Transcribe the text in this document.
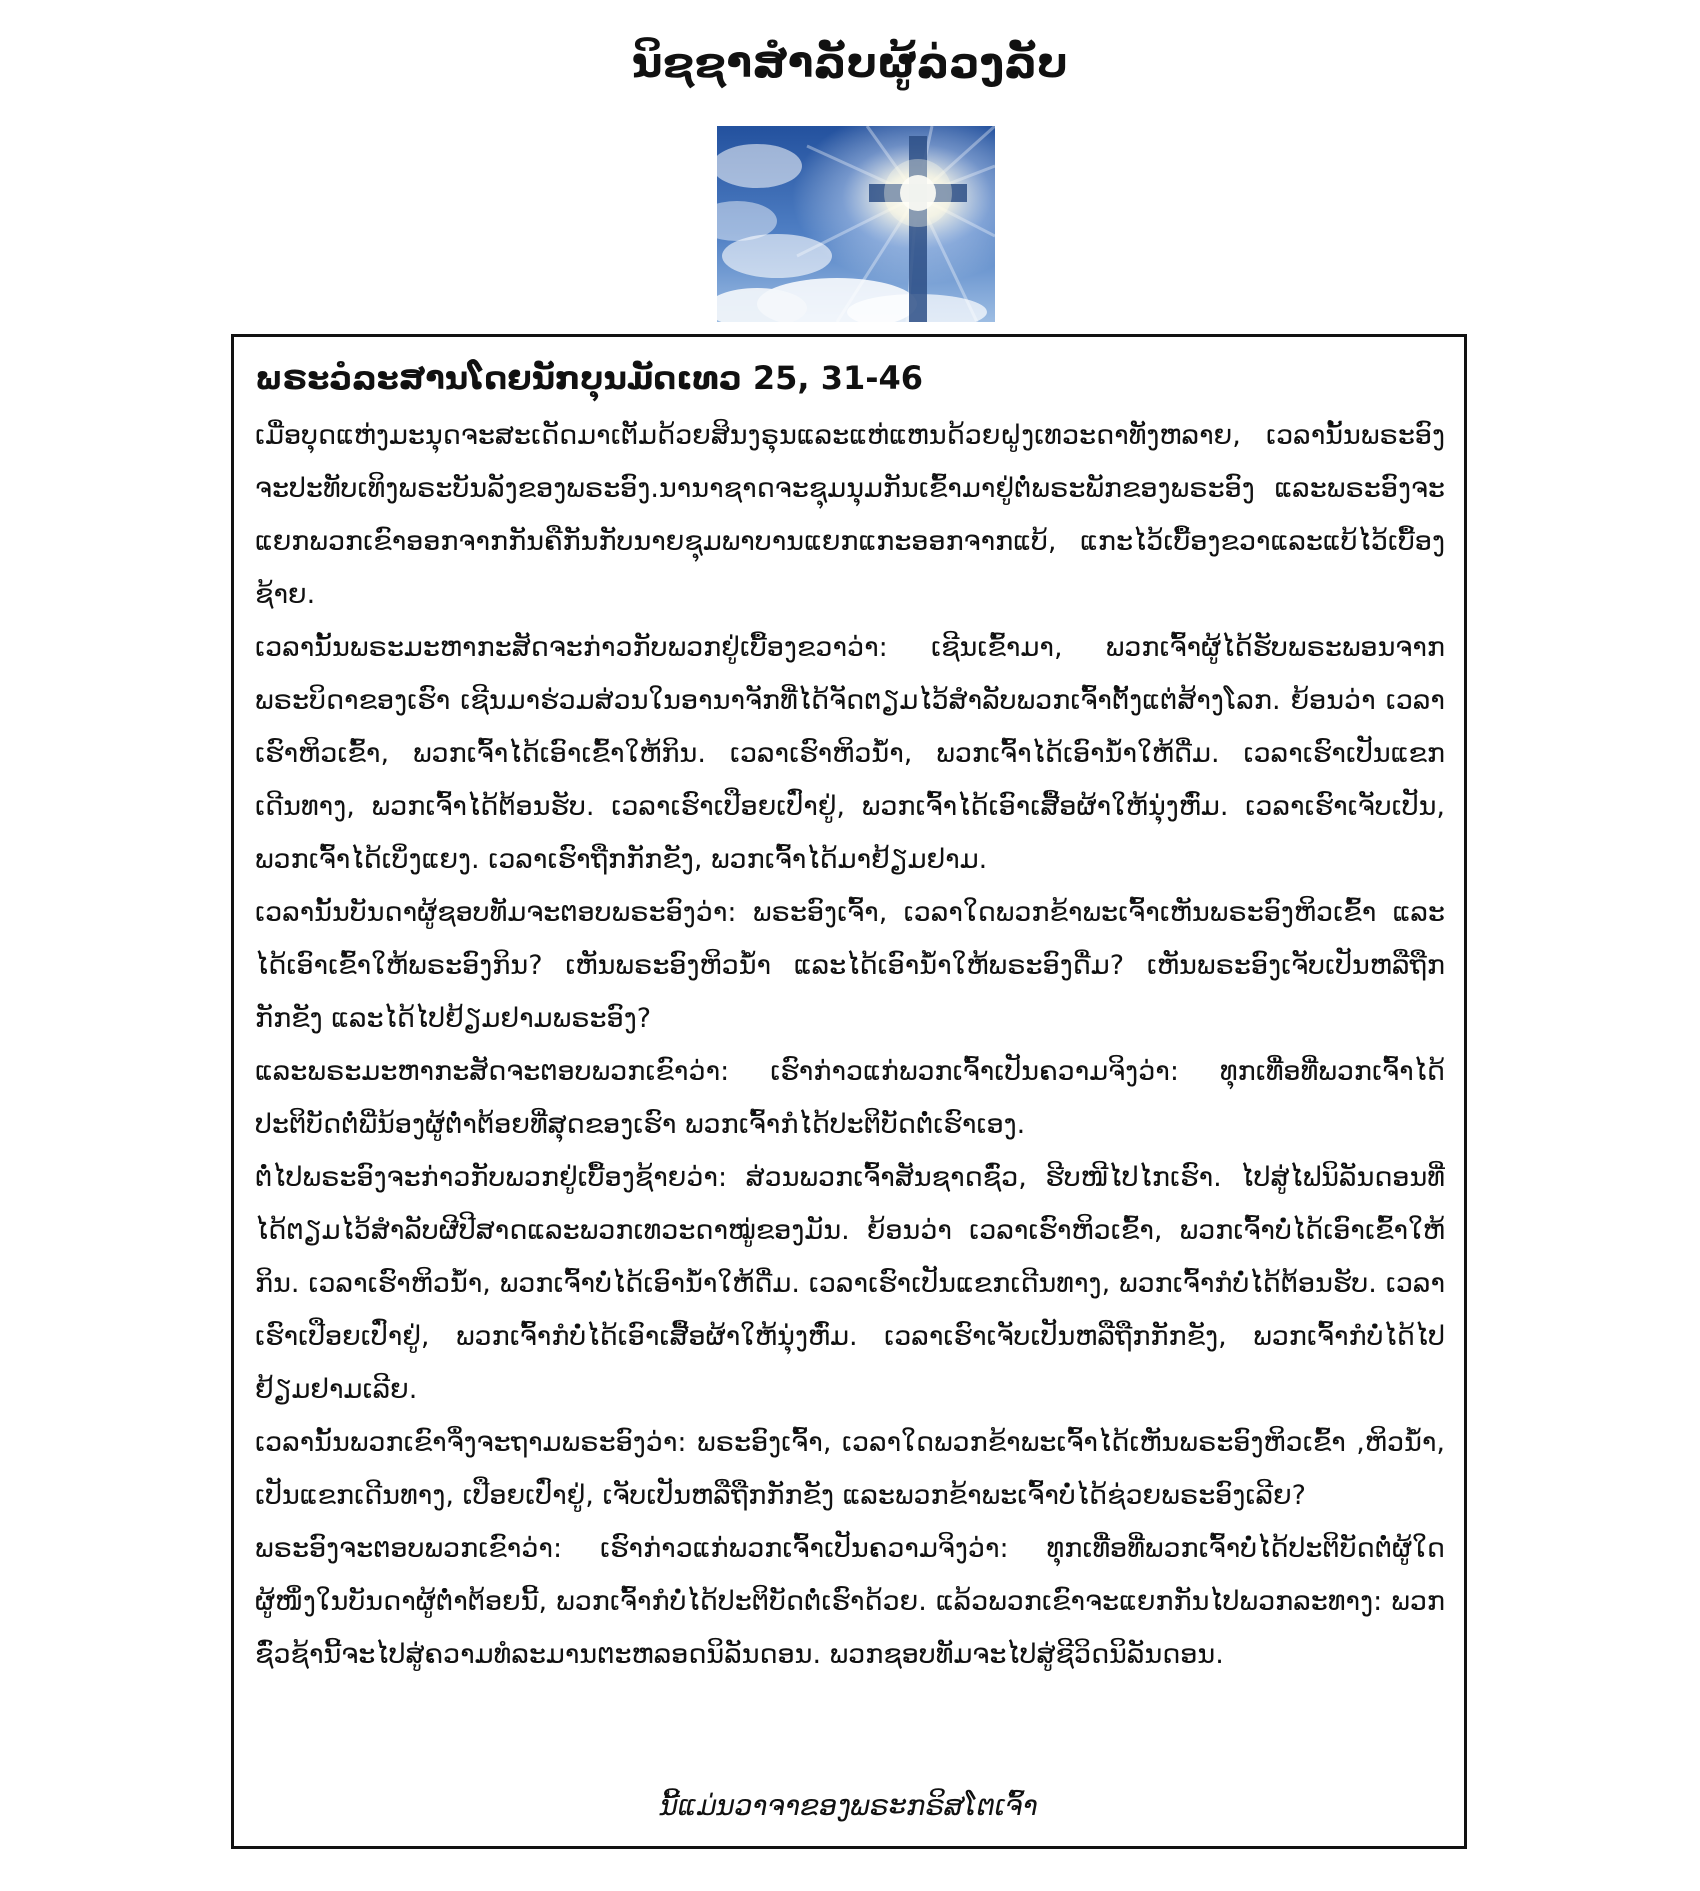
ນິຊຊາສໍາລັບຜູ້ລ່ວງລັບ
ພຣະວໍລະສານໂດຍນັກບຸນມັດເທວ 25, 31-46

ເມື່ອບຸດແຫ່ງມະນຸດຈະສະເດັດມາເຕັມດ້ວຍສິນງຣຸນແລະແຫ່ແຫນດ້ວຍຝູງເທວະດາທັງຫລາຍ, ເວລານັ້ນພຣະອົງຈະປະທັບເທິງພຣະບັນລັງຂອງພຣະອົງ.ນານາຊາດຈະຊຸມນຸມກັນເຂົ້າມາຢູ່ຕໍ່ພຣະພັກຂອງພຣະອົງ ແລະພຣະອົງຈະແຍກພວກເຂົາອອກຈາກກັນຄືກັນກັບນາຍຊຸມພາບານແຍກແກະອອກຈາກແບ້, ແກະໄວ້ເບື້ອງຂວາແລະແບ້ໄວ້ເບື້ອງຊ້າຍ.

ເວລານັ້ນພຣະມະຫາກະສັດຈະກ່າວກັບພວກຢູ່ເບື້ອງຂວາວ່າ: ເຊີນເຂົ້າມາ, ພວກເຈົ້າຜູ້ໄດ້ຮັບພຣະພອນຈາກພຣະບິດາຂອງເຮົາ ເຊີນມາຮ່ວມສ່ວນໃນອານາຈັກທີ່ໄດ້ຈັດຕຽມໄວ້ສໍາລັບພວກເຈົ້າຕັ້ງແຕ່ສ້າງໂລກ. ຍ້ອນວ່າ ເວລາເຮົາຫິວເຂົ້າ, ພວກເຈົ້າໄດ້ເອົາເຂົ້າໃຫ້ກິນ. ເວລາເຮົາຫິວນໍ້າ, ພວກເຈົ້າໄດ້ເອົານໍ້າໃຫ້ດື່ມ. ເວລາເຮົາເປັນແຂກເດີນທາງ, ພວກເຈົ້າໄດ້ຕ້ອນຮັບ. ເວລາເຮົາເປືອຍເປົ່າຢູ່, ພວກເຈົ້າໄດ້ເອົາເສື້ອຜ້າໃຫ້ນຸ່ງຫົ່ມ. ເວລາເຮົາເຈັບເປັນ, ພວກເຈົ້າໄດ້ເບິ່ງແຍງ. ເວລາເຮົາຖືກກັກຂັງ, ພວກເຈົ້າໄດ້ມາຢ້ຽມຢາມ.

ເວລານັ້ນບັນດາຜູ້ຊອບທັມຈະຕອບພຣະອົງວ່າ: ພຣະອົງເຈົ້າ, ເວລາໃດພວກຂ້າພະເຈົ້າເຫັນພຣະອົງຫິວເຂົ້າ ແລະໄດ້ເອົາເຂົ້າໃຫ້ພຣະອົງກິນ? ເຫັນພຣະອົງຫິວນໍ້າ ແລະໄດ້ເອົານໍ້າໃຫ້ພຣະອົງດື່ມ? ເຫັນພຣະອົງເຈັບເປັນຫລືຖືກກັກຂັງ ແລະໄດ້ໄປຢ້ຽມຢາມພຣະອົງ?

ແລະພຣະມະຫາກະສັດຈະຕອບພວກເຂົາວ່າ: ເຮົາກ່າວແກ່ພວກເຈົ້າເປັນຄວາມຈິງວ່າ: ທຸກເທື່ອທີ່ພວກເຈົ້າໄດ້ປະຕິບັດຕໍ່ພີ່ນ້ອງຜູ້ຕໍ່າຕ້ອຍທີ່ສຸດຂອງເຮົາ ພວກເຈົ້າກໍໄດ້ປະຕິບັດຕໍ່ເຮົາເອງ.

ຕໍ່ໄປພຣະອົງຈະກ່າວກັບພວກຢູ່ເບື້ອງຊ້າຍວ່າ: ສ່ວນພວກເຈົ້າສັນຊາດຊົ່ວ, ຮີບໜີໄປໄກເຮົາ. ໄປສູ່ໄຟນິລັນດອນທີ່ໄດ້ຕຽມໄວ້ສໍາລັບຜີປີສາດແລະພວກເທວະດາໝູ່ຂອງມັນ. ຍ້ອນວ່າ ເວລາເຮົາຫິວເຂົ້າ, ພວກເຈົ້າບໍ່ໄດ້ເອົາເຂົ້າໃຫ້ກິນ. ເວລາເຮົາຫິວນໍ້າ, ພວກເຈົ້າບໍ່ໄດ້ເອົານໍ້າໃຫ້ດື່ມ. ເວລາເຮົາເປັນແຂກເດີນທາງ, ພວກເຈົ້າກໍບໍ່ໄດ້ຕ້ອນຮັບ. ເວລາເຮົາເປືອຍເປົ່າຢູ່, ພວກເຈົ້າກໍບໍ່ໄດ້ເອົາເສື້ອຜ້າໃຫ້ນຸ່ງຫົ່ມ. ເວລາເຮົາເຈັບເປັນຫລືຖືກກັກຂັງ, ພວກເຈົ້າກໍບໍ່ໄດ້ໄປຢ້ຽມຢາມເລີຍ.

ເວລານັ້ນພວກເຂົາຈຶ່ງຈະຖາມພຣະອົງວ່າ: ພຣະອົງເຈົ້າ, ເວລາໃດພວກຂ້າພະເຈົ້າໄດ້ເຫັນພຣະອົງຫິວເຂົ້າ ,ຫິວນໍ້າ, ເປັນແຂກເດີນທາງ, ເປືອຍເປົ່າຢູ່, ເຈັບເປັນຫລືຖືກກັກຂັງ ແລະພວກຂ້າພະເຈົ້າບໍ່ໄດ້ຊ່ວຍພຣະອົງເລີຍ?

ພຣະອົງຈະຕອບພວກເຂົາວ່າ: ເຮົາກ່າວແກ່ພວກເຈົ້າເປັນຄວາມຈິງວ່າ: ທຸກເທື່ອທີ່ພວກເຈົ້າບໍ່ໄດ້ປະຕິບັດຕໍ່ຜູ້ໃດຜູ້ໜຶ່ງໃນບັນດາຜູ້ຕໍ່າຕ້ອຍນີ້, ພວກເຈົ້າກໍບໍ່ໄດ້ປະຕິບັດຕໍ່ເຮົາດ້ວຍ. ແລ້ວພວກເຂົາຈະແຍກກັນໄປພວກລະທາງ: ພວກຊົ່ວຊ້ານີ້ຈະໄປສູ່ຄວາມທໍລະມານຕະຫລອດນິລັນດອນ. ພວກຊອບທັມຈະໄປສູ່ຊີວິດນິລັນດອນ.

ນີ້ແມ່ນວາຈາຂອງພຣະກຣິສໂຕເຈົ້າ
